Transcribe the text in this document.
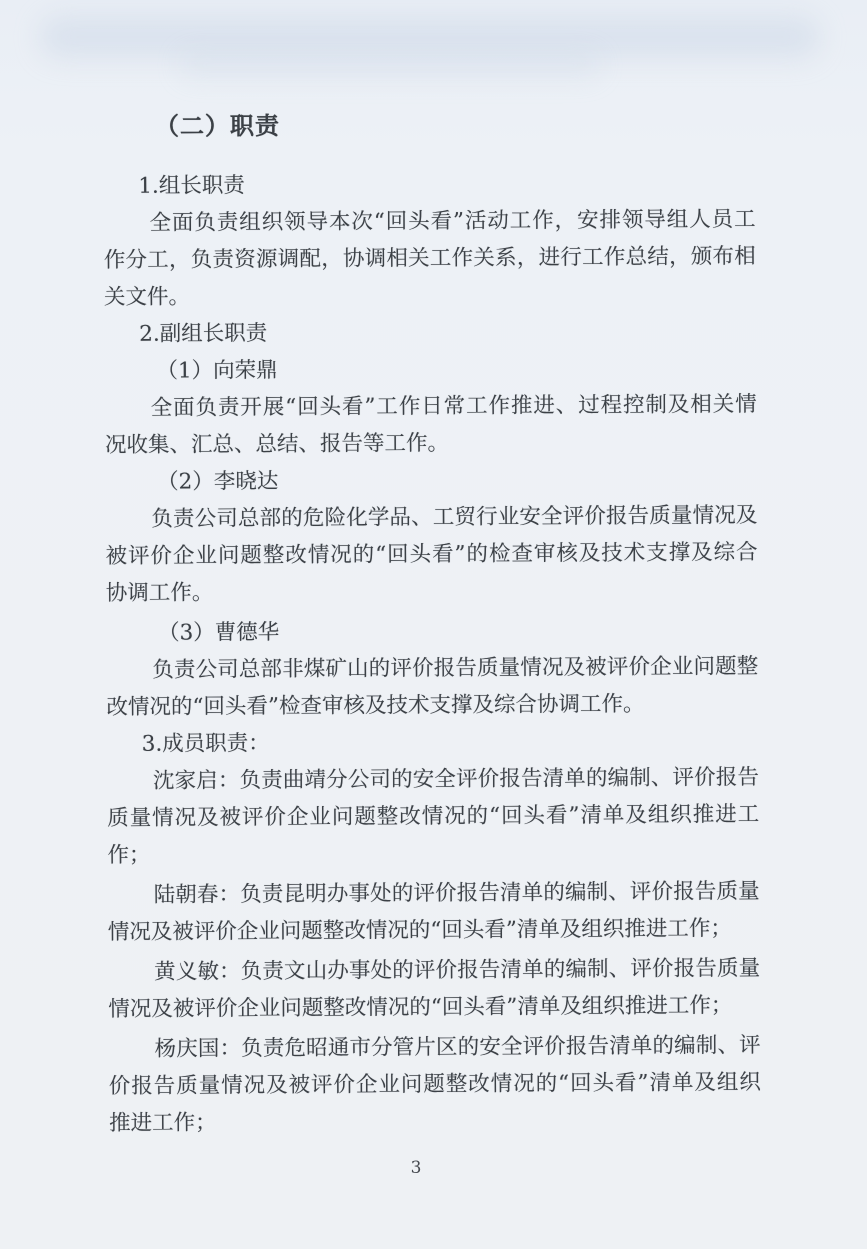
（二）职责
1.组长职责
全面负责组织领导本次“回头看”活动工作，安排领导组人员工
作分工，负责资源调配，协调相关工作关系，进行工作总结，颁布相
关文件。
2.副组长职责
（1）向荣鼎
全面负责开展“回头看”工作日常工作推进、过程控制及相关情
况收集、汇总、总结、报告等工作。
（2）李晓达
负责公司总部的危险化学品、工贸行业安全评价报告质量情况及
被评价企业问题整改情况的“回头看”的检查审核及技术支撑及综合
协调工作。
（3）曹德华
负责公司总部非煤矿山的评价报告质量情况及被评价企业问题整
改情况的“回头看”检查审核及技术支撑及综合协调工作。
3.成员职责：
沈家启：负责曲靖分公司的安全评价报告清单的编制、评价报告
质量情况及被评价企业问题整改情况的“回头看”清单及组织推进工
作；
陆朝春：负责昆明办事处的评价报告清单的编制、评价报告质量
情况及被评价企业问题整改情况的“回头看”清单及组织推进工作；
黄义敏：负责文山办事处的评价报告清单的编制、评价报告质量
情况及被评价企业问题整改情况的“回头看”清单及组织推进工作；
杨庆国：负责危昭通市分管片区的安全评价报告清单的编制、评
价报告质量情况及被评价企业问题整改情况的“回头看”清单及组织
推进工作；
3
